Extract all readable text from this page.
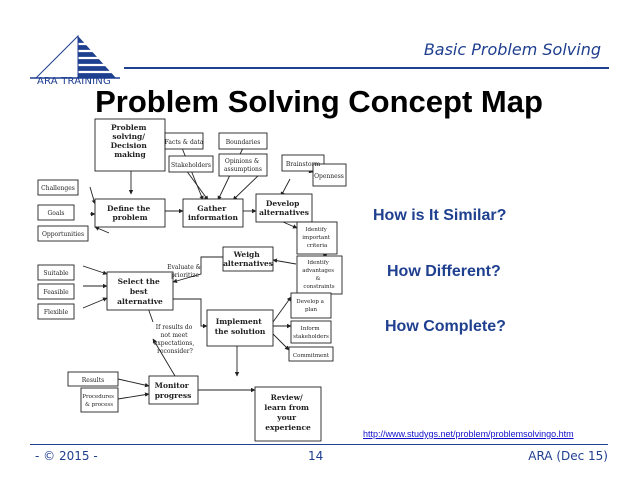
ARA TRAINING
Basic Problem Solving
Problem Solving Concept Map
Problem solving/ Decision making
Facts & data	Boundaries
Stakeholders
Opinions & assumptions
Brainstorm
Openness
Challenges
Goals
Opportunities
Define the problem
Gather information
Develop alternatives
Identify important criteria
Identify advantages & constraints
Weigh alternatives
Evaluate & prioritize
Suitable
Feasible
Flexible
Select the best alternative
Implement the solution
Develop a plan
Inform stakeholders
Commitment
If results do not meet expectations, reconsider?
Results
Procedures & process
Monitor progress	Review/ learn from your experience
How is It Similar?
How Different?
How Complete?
http://www.studygs.net/problem/problemsolvingo.htm
- © 2015 -	14	ARA (Dec 15)
